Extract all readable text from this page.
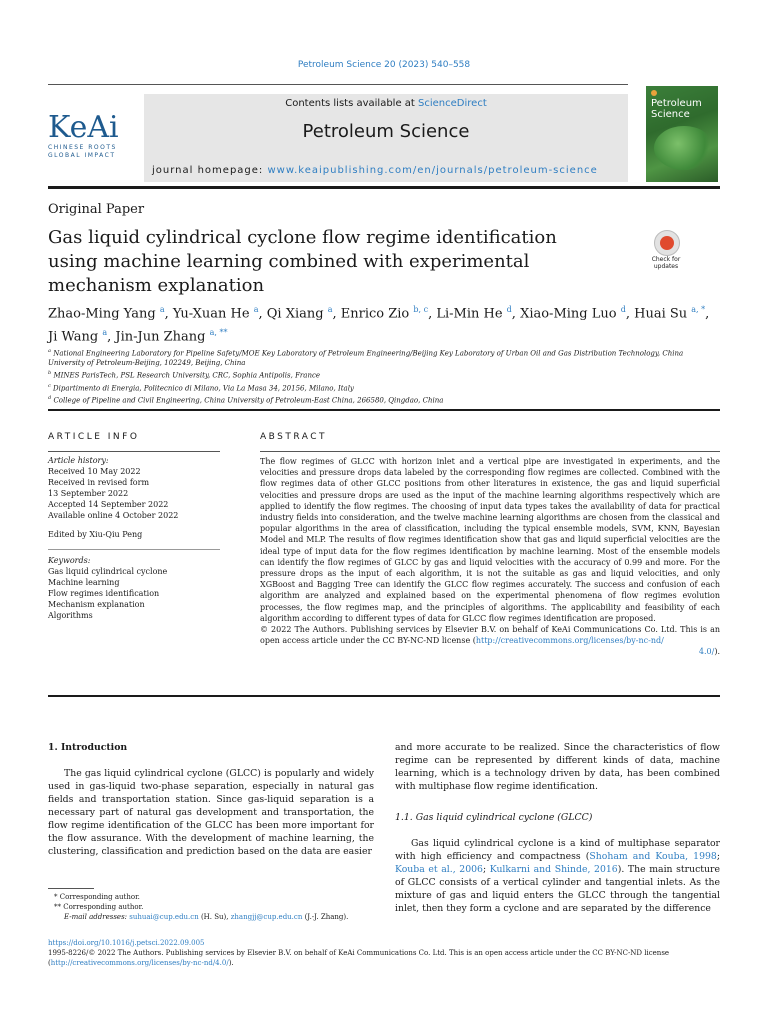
Petroleum Science 20 (2023) 540–558
KeAi
CHINESE ROOTS
GLOBAL IMPACT
Contents lists available at ScienceDirect
Petroleum Science
journal homepage: www.keaipublishing.com/en/journals/petroleum-science
Petroleum
Science
Original Paper
Gas liquid cylindrical cyclone flow regime identification using machine learning combined with experimental mechanism explanation
Check for updates
Zhao-Ming Yang $^a$, Yu-Xuan He $^a$, Qi Xiang $^a$, Enrico Zio $^{b, c}$, Li-Min He $^d$, Xiao-Ming Luo $^d$, Huai Su $^{a, *}$, Ji Wang $^a$, Jin-Jun Zhang $^{a, **}$
$^a$ National Engineering Laboratory for Pipeline Safety/MOE Key Laboratory of Petroleum Engineering/Beijing Key Laboratory of Urban Oil and Gas Distribution Technology, China University of Petroleum-Beijing, 102249, Beijing, China
$^b$ MINES ParisTech, PSL Research University, CRC, Sophia Antipolis, France
$^c$ Dipartimento di Energia, Politecnico di Milano, Via La Masa 34, 20156, Milano, Italy
$^d$ College of Pipeline and Civil Engineering, China University of Petroleum-East China, 266580, Qingdao, China
ARTICLE INFO	ABSTRACT
Article history:
Received 10 May 2022
Received in revised form
13 September 2022
Accepted 14 September 2022
Available online 4 October 2022
Edited by Xiu-Qiu Peng
Keywords:
Gas liquid cylindrical cyclone
Machine learning
Flow regimes identification
Mechanism explanation
Algorithms
The flow regimes of GLCC with horizon inlet and a vertical pipe are investigated in experiments, and the velocities and pressure drops data labeled by the corresponding flow regimes are collected. Combined with the flow regimes data of other GLCC positions from other literatures in existence, the gas and liquid superficial velocities and pressure drops are used as the input of the machine learning algorithms respectively which are applied to identify the flow regimes. The choosing of input data types takes the availability of data for practical industry fields into consideration, and the twelve machine learning algorithms are chosen from the classical and popular algorithms in the area of classification, including the typical ensemble models, SVM, KNN, Bayesian Model and MLP. The results of flow regimes identification show that gas and liquid superficial velocities are the ideal type of input data for the flow regimes identification by machine learning. Most of the ensemble models can identify the flow regimes of GLCC by gas and liquid velocities with the accuracy of 0.99 and more. For the pressure drops as the input of each algorithm, it is not the suitable as gas and liquid velocities, and only XGBoost and Bagging Tree can identify the GLCC flow regimes accurately. The success and confusion of each algorithm are analyzed and explained based on the experimental phenomena of flow regimes evolution processes, the flow regimes map, and the principles of algorithms. The applicability and feasibility of each algorithm according to different types of data for GLCC flow regimes identification are proposed.
© 2022 The Authors. Publishing services by Elsevier B.V. on behalf of KeAi Communications Co. Ltd. This is an open access article under the CC BY-NC-ND license (http://creativecommons.org/licenses/by-nc-nd/
4.0/).
1. Introduction
The gas liquid cylindrical cyclone (GLCC) is popularly and widely used in gas-liquid two-phase separation, especially in natural gas fields and transportation station. Since gas-liquid separation is a necessary part of natural gas development and transportation, the flow regime identification of the GLCC has been more important for the flow assurance. With the development of machine learning, the clustering, classification and prediction based on the data are easier
and more accurate to be realized. Since the characteristics of flow regime can be represented by different kinds of data, machine learning, which is a technology driven by data, has been combined with multiphase flow regime identification.
1.1. Gas liquid cylindrical cyclone (GLCC)
Gas liquid cylindrical cyclone is a kind of multiphase separator with high efficiency and compactness (Shoham and Kouba, 1998; Kouba et al., 2006; Kulkarni and Shinde, 2016). The main structure of GLCC consists of a vertical cylinder and tangential inlets. As the mixture of gas and liquid enters the GLCC through the tangential inlet, then they form a cyclone and are separated by the difference
* Corresponding author.
** Corresponding author.
E-mail addresses: suhuai@cup.edu.cn (H. Su), zhangjj@cup.edu.cn (J.-J. Zhang).
https://doi.org/10.1016/j.petsci.2022.09.005
1995-8226/© 2022 The Authors. Publishing services by Elsevier B.V. on behalf of KeAi Communications Co. Ltd. This is an open access article under the CC BY-NC-ND license
(http://creativecommons.org/licenses/by-nc-nd/4.0/).
